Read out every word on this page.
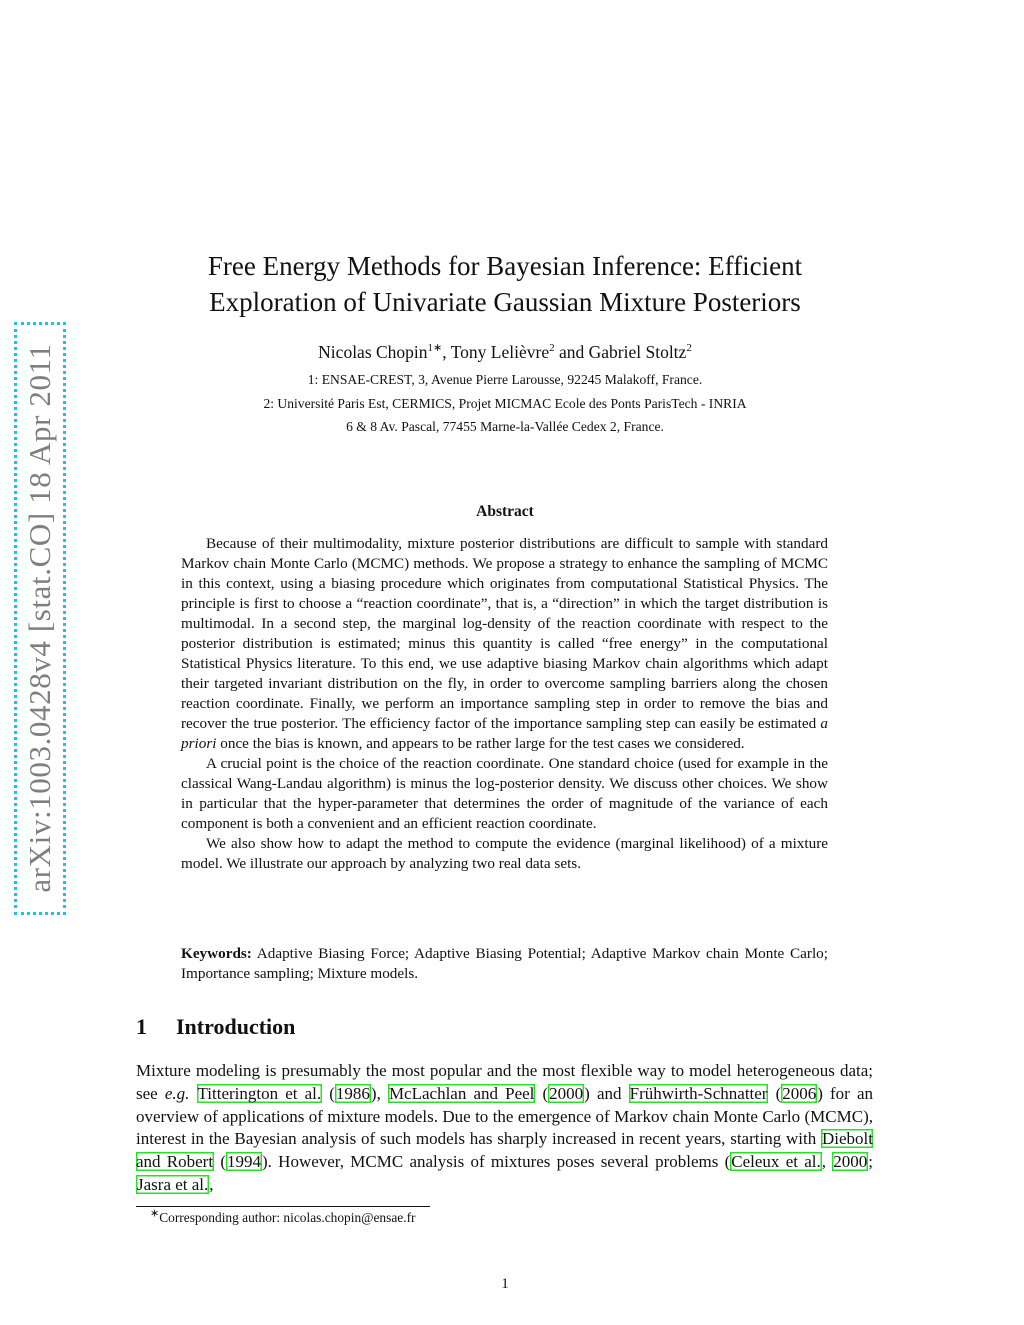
arXiv:1003.0428v4 [stat.CO] 18 Apr 2011
Free Energy Methods for Bayesian Inference: Efficient
Exploration of Univariate Gaussian Mixture Posteriors
Nicolas Chopin$^{1∗}$, Tony Lelièvre$^2$ and Gabriel Stoltz$^2$
1: ENSAE-CREST, 3, Avenue Pierre Larousse, 92245 Malakoff, France.
2: Université Paris Est, CERMICS, Projet MICMAC Ecole des Ponts ParisTech - INRIA
6 & 8 Av. Pascal, 77455 Marne-la-Vallée Cedex 2, France.
Abstract

Because of their multimodality, mixture posterior distributions are difficult to sample with standard Markov chain Monte Carlo (MCMC) methods. We propose a strategy to enhance the sampling of MCMC in this context, using a biasing procedure which originates from computational Statistical Physics. The principle is first to choose a “reaction coordinate”, that is, a “direction” in which the target distribution is multimodal. In a second step, the marginal log-density of the reaction coordinate with respect to the posterior distribution is estimated; minus this quantity is called “free energy” in the computational Statistical Physics literature. To this end, we use adaptive biasing Markov chain algorithms which adapt their targeted invariant distribution on the fly, in order to overcome sampling barriers along the chosen reaction coordinate. Finally, we perform an importance sampling step in order to remove the bias and recover the true posterior. The efficiency factor of the importance sampling step can easily be estimated a priori once the bias is known, and appears to be rather large for the test cases we considered.

A crucial point is the choice of the reaction coordinate. One standard choice (used for example in the classical Wang-Landau algorithm) is minus the log-posterior density. We discuss other choices. We show in particular that the hyper-parameter that determines the order of magnitude of the variance of each component is both a convenient and an efficient reaction coordinate.

We also show how to adapt the method to compute the evidence (marginal likelihood) of a mixture model. We illustrate our approach by analyzing two real data sets.

Keywords: Adaptive Biasing Force; Adaptive Biasing Potential; Adaptive Markov chain Monte Carlo; Importance sampling; Mixture models.
1 Introduction
Mixture modeling is presumably the most popular and the most flexible way to model heterogeneous data; see e.g. Titterington et al. (1986), McLachlan and Peel (2000) and Frühwirth-Schnatter (2006) for an overview of applications of mixture models. Due to the emergence of Markov chain Monte Carlo (MCMC), interest in the Bayesian analysis of such models has sharply increased in recent years, starting with Diebolt and Robert (1994). However, MCMC analysis of mixtures poses several problems (Celeux et al., 2000; Jasra et al.,
∗Corresponding author: nicolas.chopin@ensae.fr
1
